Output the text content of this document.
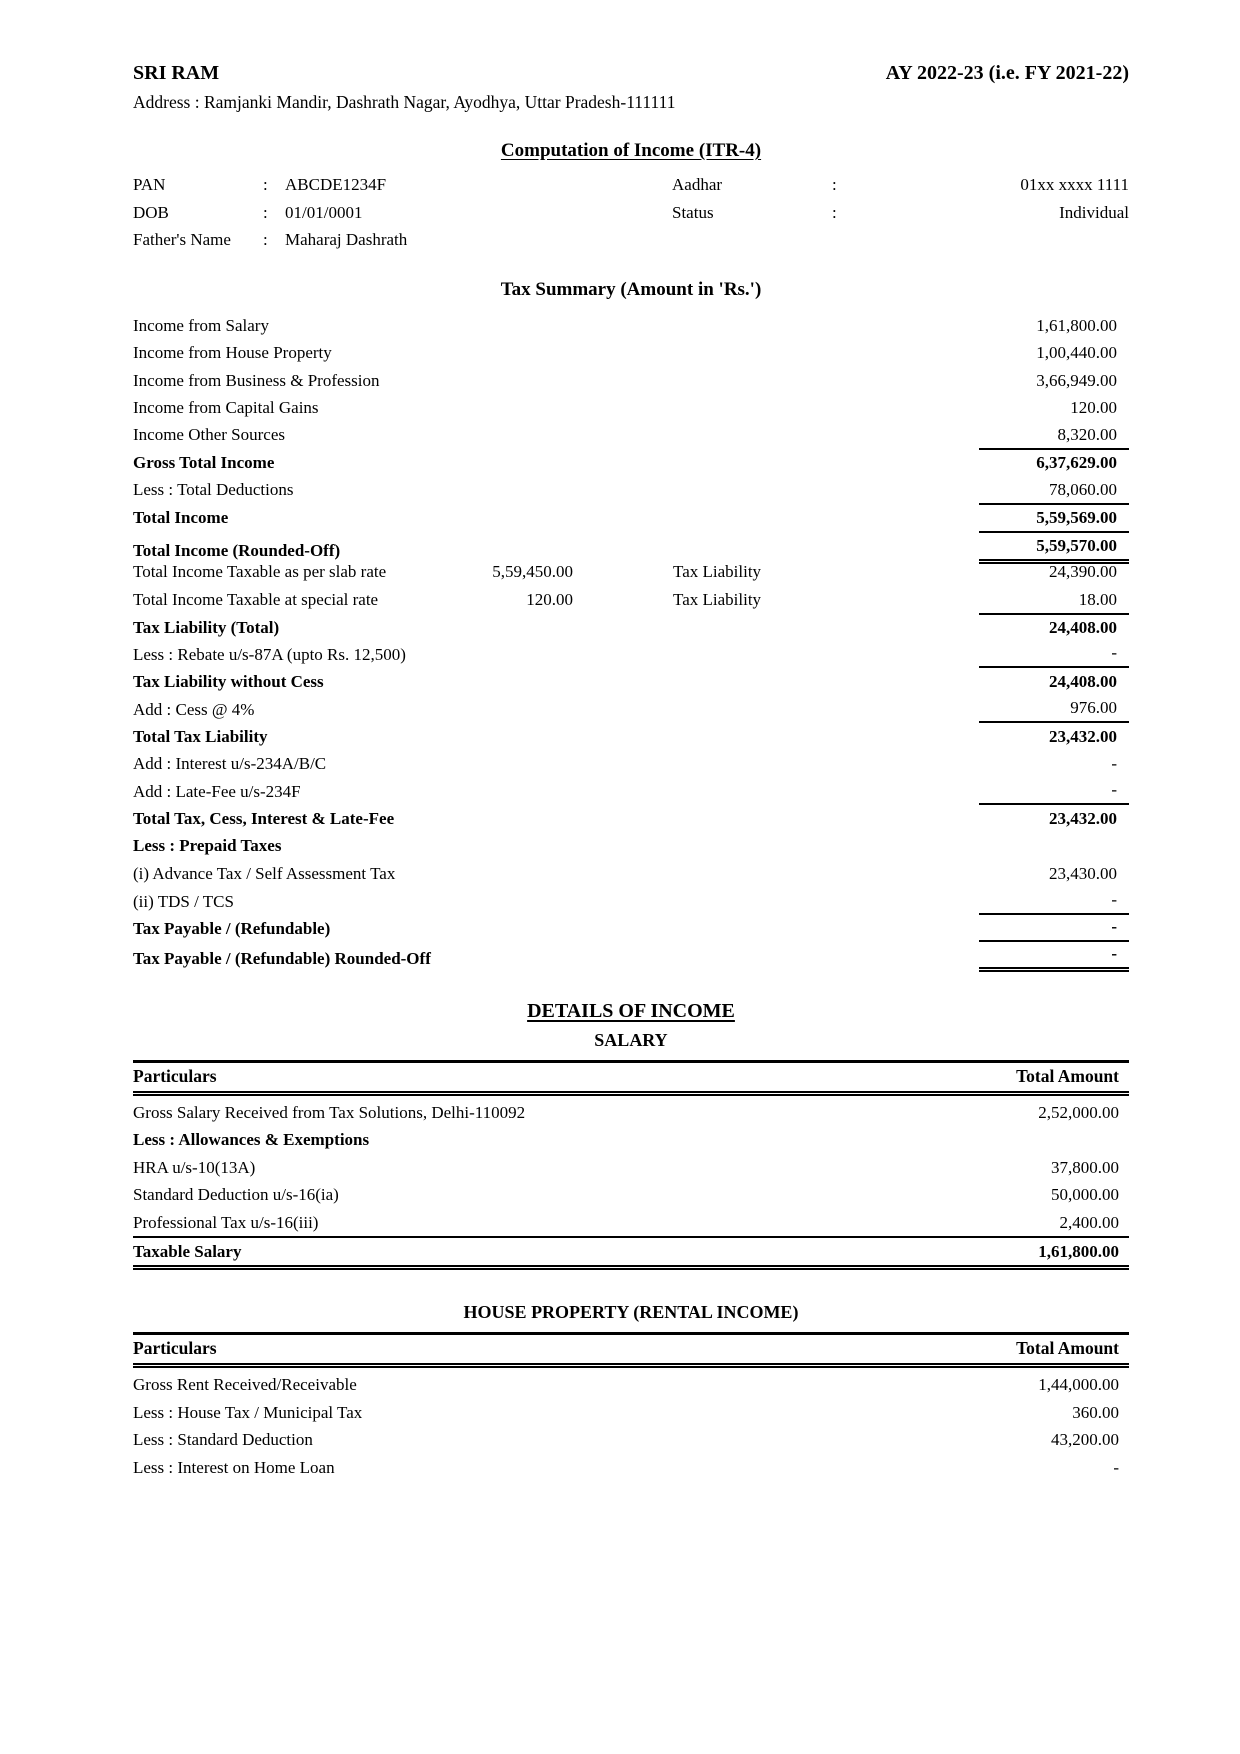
SRI RAM	AY 2022-23 (i.e. FY 2021-22)
Address : Ramjanki Mandir, Dashrath Nagar, Ayodhya, Uttar Pradesh-111111
Computation of Income (ITR-4)
PAN	:	ABCDE1234F	Aadhar	:	01xx xxxx 1111
DOB	:	01/01/0001	Status	:	Individual
Father's Name	:	Maharaj Dashrath
Tax Summary (Amount in 'Rs.')
Income from Salary	1,61,800.00
Income from House Property	1,00,440.00
Income from Business & Profession	3,66,949.00
Income from Capital Gains	120.00
Income Other Sources	8,320.00
Gross Total Income	6,37,629.00
Less : Total Deductions	78,060.00
Total Income	5,59,569.00
Total Income (Rounded-Off)	5,59,570.00
Total Income Taxable as per slab rate	5,59,450.00	Tax Liability	24,390.00
Total Income Taxable at special rate	120.00	Tax Liability	18.00
Tax Liability (Total)	24,408.00
Less : Rebate u/s-87A (upto Rs. 12,500)	-
Tax Liability without Cess	24,408.00
Add : Cess @ 4%	976.00
Total Tax Liability	23,432.00
Add : Interest u/s-234A/B/C	-
Add : Late-Fee u/s-234F	-
Total Tax, Cess, Interest & Late-Fee	23,432.00
Less : Prepaid Taxes
(i) Advance Tax / Self Assessment Tax	23,430.00
(ii) TDS / TCS	-
Tax Payable / (Refundable)	-
Tax Payable / (Refundable) Rounded-Off	-
DETAILS OF INCOME
SALARY
Particulars	Total Amount
Gross Salary Received from Tax Solutions, Delhi-110092	2,52,000.00
Less : Allowances & Exemptions
HRA u/s-10(13A)	37,800.00
Standard Deduction u/s-16(ia)	50,000.00
Professional Tax u/s-16(iii)	2,400.00
Taxable Salary	1,61,800.00
HOUSE PROPERTY (RENTAL INCOME)
Particulars	Total Amount
Gross Rent Received/Receivable	1,44,000.00
Less : House Tax / Municipal Tax	360.00
Less : Standard Deduction	43,200.00
Less : Interest on Home Loan	-
